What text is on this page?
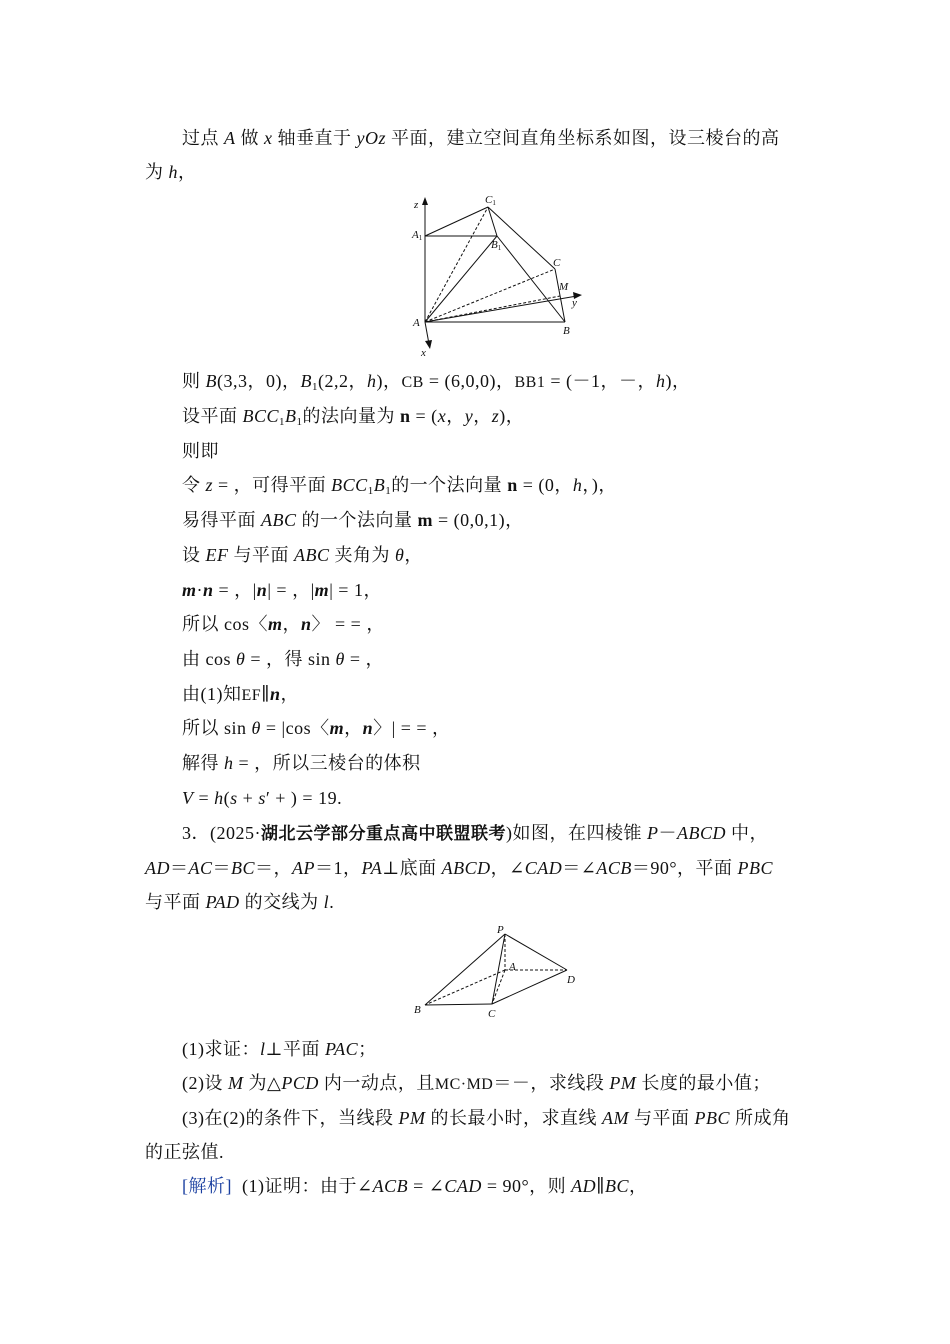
过点 A 做 x 轴垂直于 yOz 平面，建立空间直角坐标系如图，设三棱台的高
为 h，
z
x
y
A1
C1
B1
C
M
A
B
则 B(3,3，0)，$B_1(2,2$，h)，CB = (6,0,0)，BB1 = (－1，－，h)，
设平面 $BCC_1B_1$的法向量为 n = (x，y，z)，
则即
令 z = ，可得平面 $BCC_1B_1$的一个法向量 n = (0，h，)，
易得平面 ABC 的一个法向量 m = (0,0,1)，
设 EF 与平面 ABC 夹角为 θ，
m·n = ，|n| = ，|m| = 1，
所以 cos〈m，n〉 = = ，
由 cos θ = ，得 sin θ = ，
由(1)知EF∥n，
所以 sin θ = |cos〈m，n〉| = = ，
解得 h = ，所以三棱台的体积
V = h(s + s′ + ) = 19.
3．(2025·湖北云学部分重点高中联盟联考)如图，在四棱锥 P－ABCD 中，
AD＝AC＝BC＝，AP＝1，PA⊥底面 ABCD，∠CAD＝∠ACB＝90°，平面 PBC
与平面 PAD 的交线为 l.
P
A
B	C
D
(1)求证：l⊥平面 PAC；
(2)设 M 为△PCD 内一动点，且MC·MD＝－，求线段 PM 长度的最小值；
(3)在(2)的条件下，当线段 PM 的长最小时，求直线 AM 与平面 PBC 所成角
的正弦值.
[解析] (1)证明：由于∠ACB = ∠CAD = 90°，则 AD∥BC，
